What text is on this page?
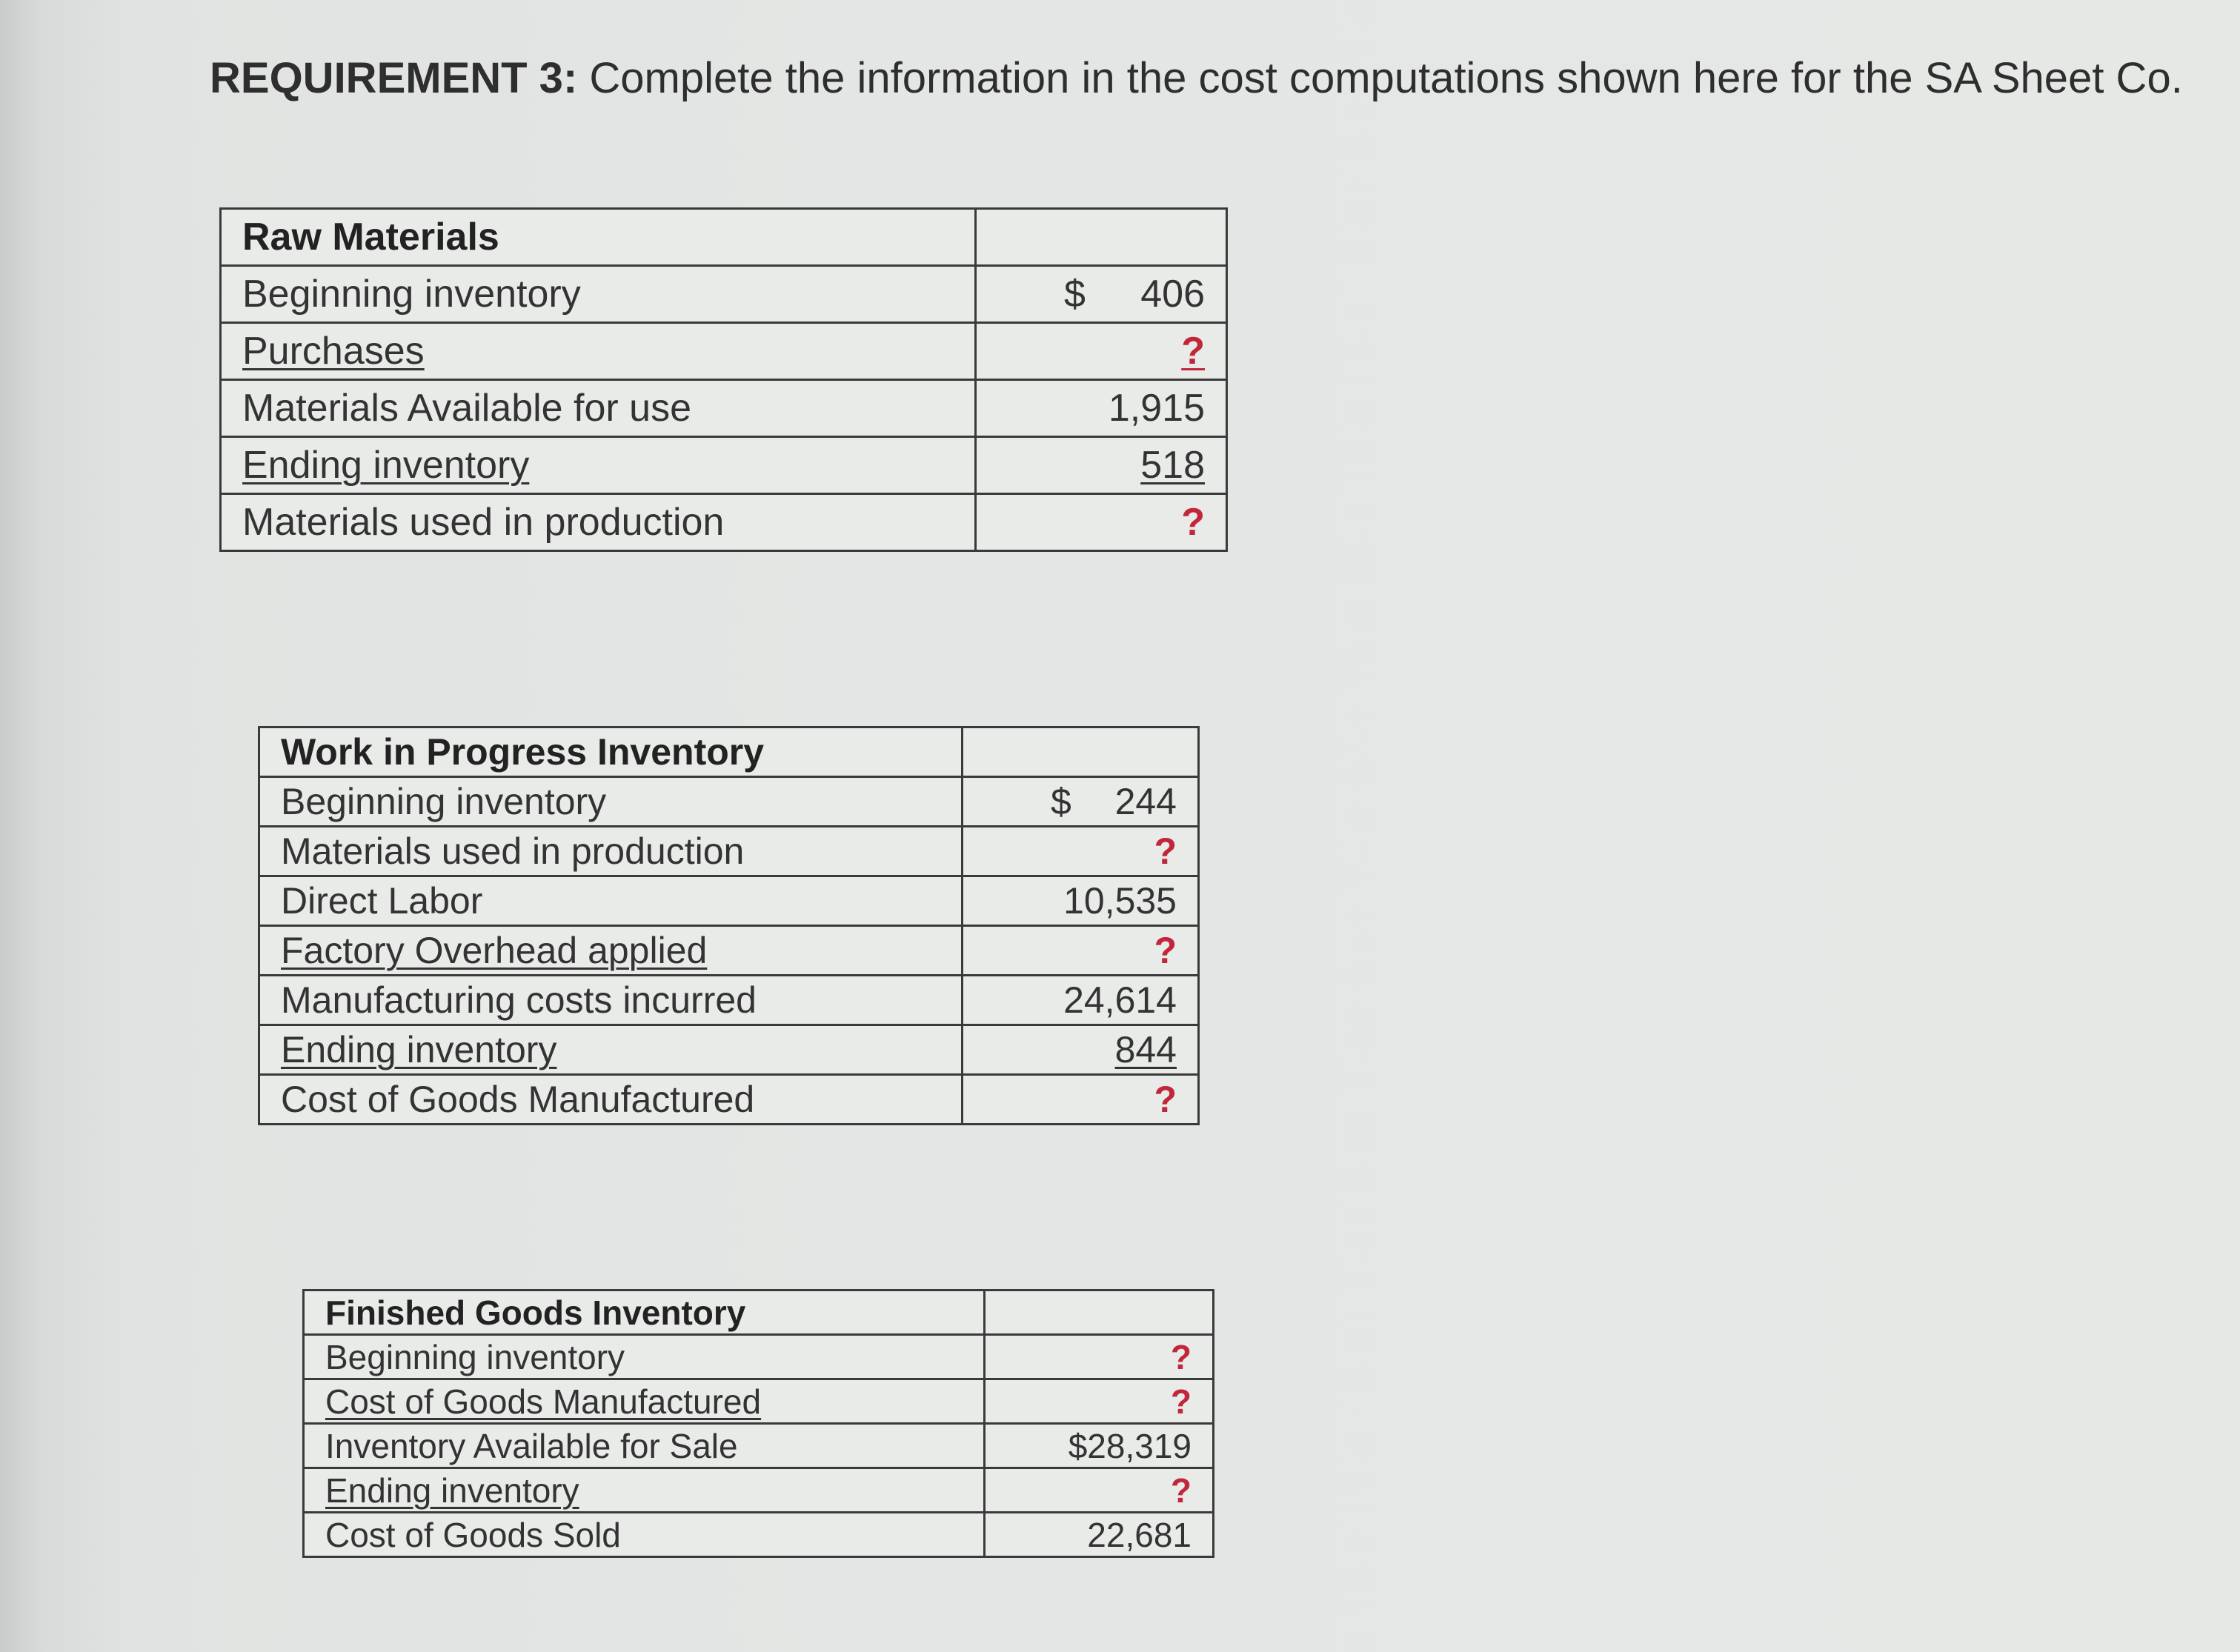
REQUIREMENT 3: Complete the information in the cost computations shown here for the SA Sheet Co.
Raw Materials	
Beginning inventory	$ 406
Purchases	?
Materials Available for use	1,915
Ending inventory	518
Materials used in production	?
Work in Progress Inventory	
Beginning inventory	$ 244
Materials used in production	?
Direct Labor	10,535
Factory Overhead applied	?
Manufacturing costs incurred	24,614
Ending inventory	844
Cost of Goods Manufactured	?
Finished Goods Inventory	
Beginning inventory	?
Cost of Goods Manufactured	?
Inventory Available for Sale	$28,319
Ending inventory	?
Cost of Goods Sold	22,681
